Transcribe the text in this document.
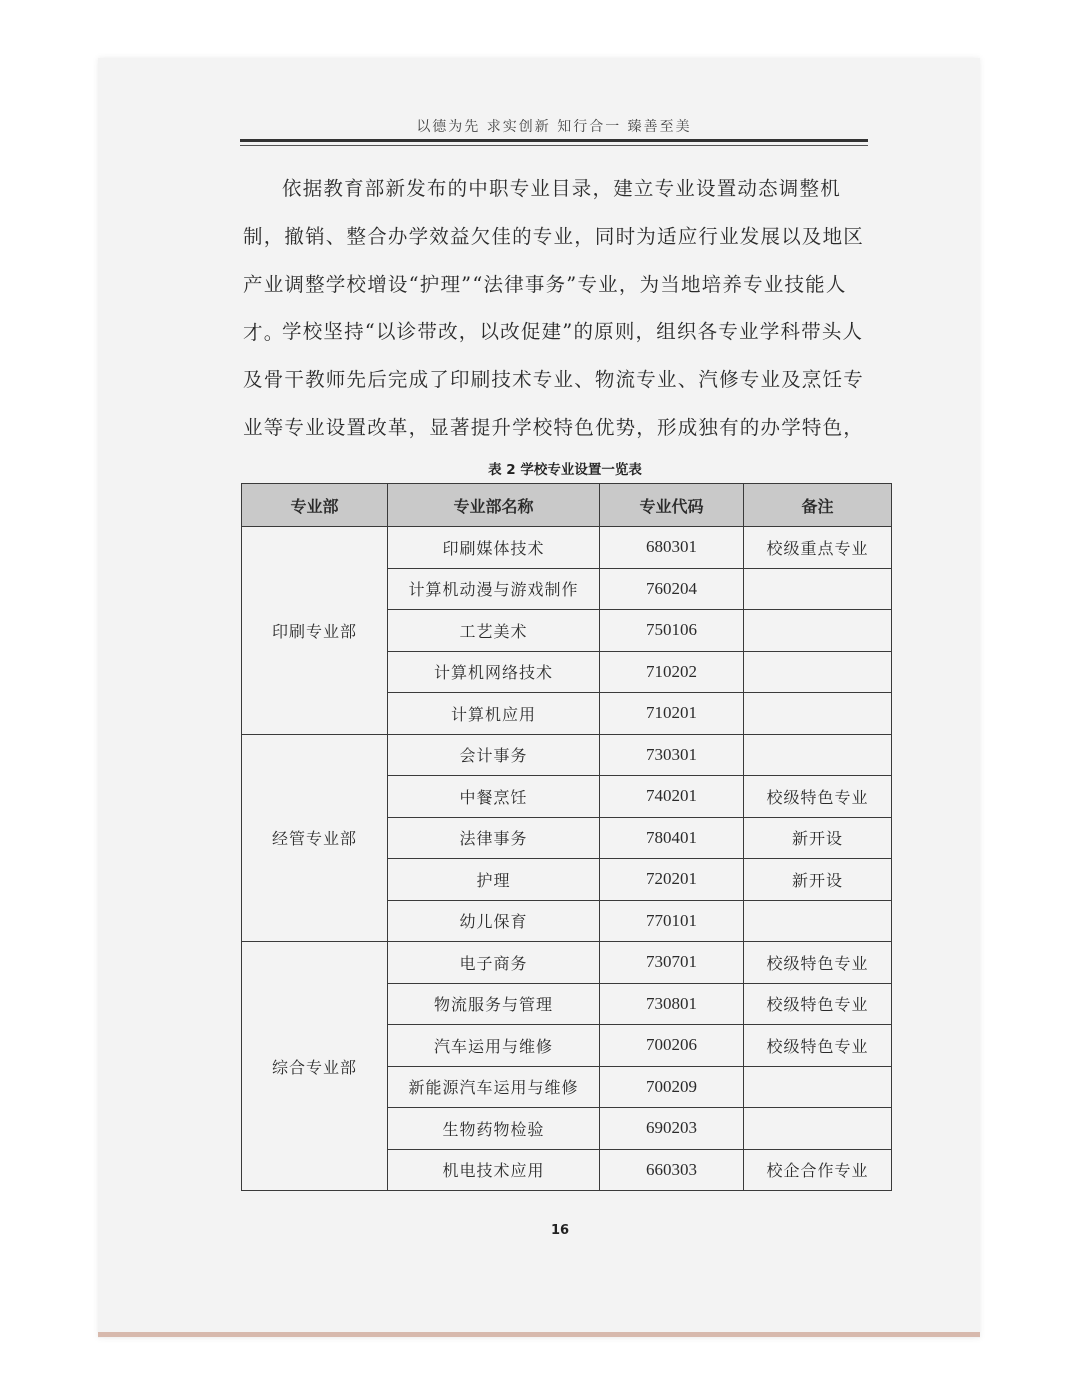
以德为先 求实创新 知行合一 臻善至美

依据教育部新发布的中职专业目录，建立专业设置动态调整机制，撤销、整合办学效益欠佳的专业，同时为适应行业发展以及地区产业调整学校增设“护理”“法律事务”专业，为当地培养专业技能人才。

学校坚持“以诊带改，以改促建”的原则，组织各专业学科带头人及骨干教师先后完成了印刷技术专业、物流专业、汽修专业及烹饪专业等专业设置改革，显著提升学校特色优势，形成独有的办学特色，

表 2 学校专业设置一览表
专业部	专业部名称	专业代码	备注
印刷专业部	印刷媒体技术	680301	校级重点专业
	计算机动漫与游戏制作	760204	
	工艺美术	750106	
	计算机网络技术	710202	
	计算机应用	710201	
经管专业部	会计事务	730301	
	中餐烹饪	740201	校级特色专业
	法律事务	780401	新开设
	护理	720201	新开设
	幼儿保育	770101	
综合专业部	电子商务	730701	校级特色专业
	物流服务与管理	730801	校级特色专业
	汽车运用与维修	700206	校级特色专业
	新能源汽车运用与维修	700209	
	生物药物检验	690203	
	机电技术应用	660303	校企合作专业
16
